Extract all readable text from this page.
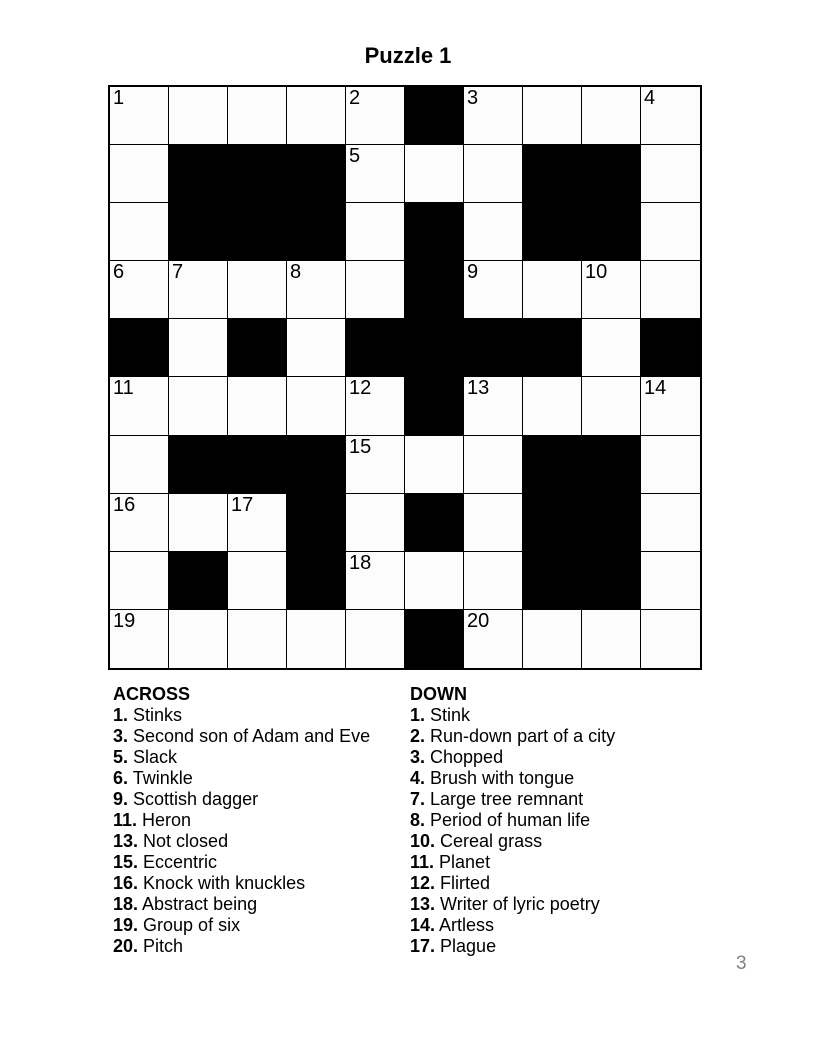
Puzzle 1
1	2	3	4
5
6 7	8	9	10
11	12	13	14
15
16	17
18
19	20
ACROSS
1. Stinks
3. Second son of Adam and Eve
5. Slack
6. Twinkle
9. Scottish dagger
11. Heron
13. Not closed
15. Eccentric
16. Knock with knuckles
18. Abstract being
19. Group of six
20. Pitch
DOWN
1. Stink
2. Run-down part of a city
3. Chopped
4. Brush with tongue
7. Large tree remnant
8. Period of human life
10. Cereal grass
11. Planet
12. Flirted
13. Writer of lyric poetry
14. Artless
17. Plague
3
